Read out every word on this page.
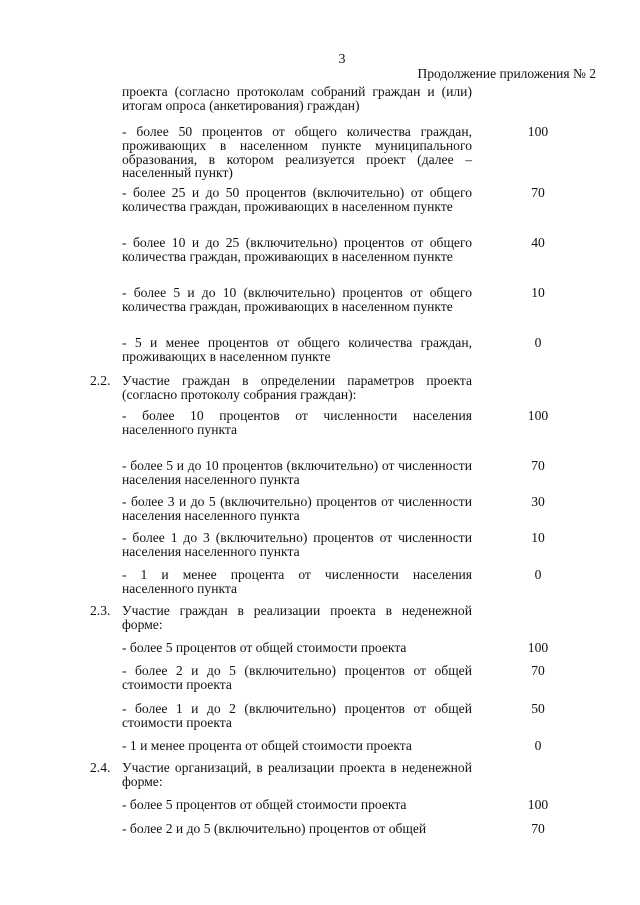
3
Продолжение приложения № 2
проекта (согласно протоколам собраний граждан и (или) итогам опроса (анкетирования) граждан)
- более 50 процентов от общего количества граждан, проживающих в населенном пункте муниципального образования, в котором реализуется проект (далее – населенный пункт)
100
- более 25 и до 50 процентов (включительно) от общего количества граждан, проживающих в населенном пункте
70
- более 10 и до 25 (включительно) процентов от общего количества граждан, проживающих в населенном пункте
40
- более 5 и до 10 (включительно) процентов от общего количества граждан, проживающих в населенном пункте
10
- 5 и менее процентов от общего количества граждан, проживающих в населенном пункте
0
2.2. Участие граждан в определении параметров проекта (согласно протоколу собрания граждан):
- более 10 процентов от численности населения населенного пункта
100
- более 5 и до 10 процентов (включительно) от численности населения населенного пункта
70
- более 3 и до 5 (включительно) процентов от численности населения населенного пункта
30
- более 1 до 3 (включительно) процентов от численности населения населенного пункта
10
- 1 и менее процента от численности населения населенного пункта
0
2.3. Участие граждан в реализации проекта в неденежной форме:
- более 5 процентов от общей стоимости проекта	100
- более 2 и до 5 (включительно) процентов от общей стоимости проекта
70
- более 1 и до 2 (включительно) процентов от общей стоимости проекта
50
- 1 и менее процента от общей стоимости проекта	0
2.4. Участие организаций, в реализации проекта в неденежной форме:
- более 5 процентов от общей стоимости проекта	100
- более 2 и до 5 (включительно) процентов от общей	70
